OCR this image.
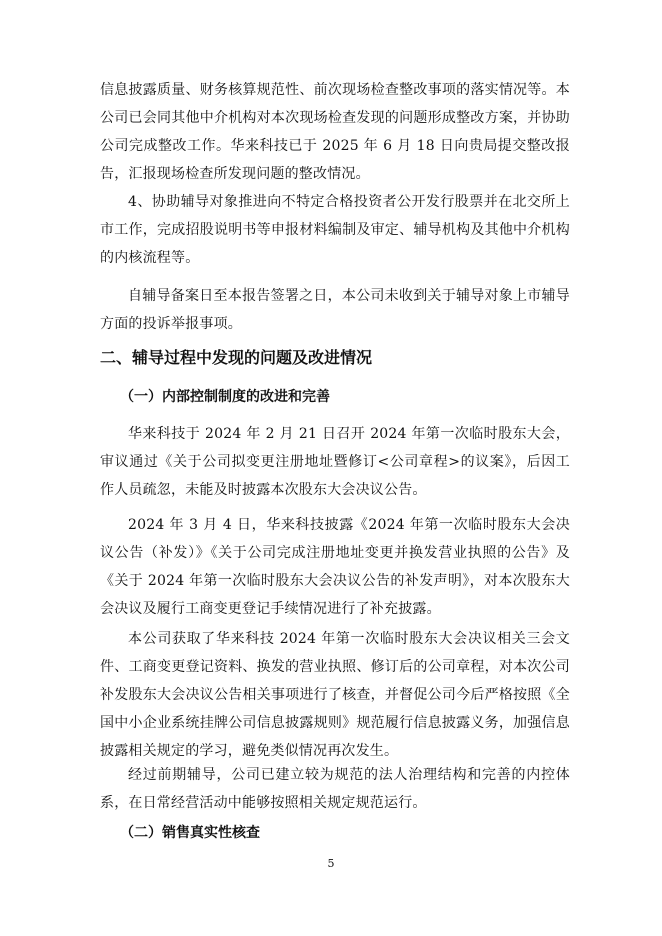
信息披露质量、财务核算规范性、前次现场检查整改事项的落实情况等。本公司已会同其他中介机构对本次现场检查发现的问题形成整改方案，并协助公司完成整改工作。华来科技已于 2025 年 6 月 18 日向贵局提交整改报告，汇报现场检查所发现问题的整改情况。

4、协助辅导对象推进向不特定合格投资者公开发行股票并在北交所上市工作，完成招股说明书等申报材料编制及审定、辅导机构及其他中介机构的内核流程等。

自辅导备案日至本报告签署之日，本公司未收到关于辅导对象上市辅导方面的投诉举报事项。

二、辅导过程中发现的问题及改进情况
（一）内部控制制度的改进和完善

华来科技于 2024 年 2 月 21 日召开 2024 年第一次临时股东大会，审议通过《关于公司拟变更注册地址暨修订<公司章程>的议案》，后因工作人员疏忽，未能及时披露本次股东大会决议公告。

2024 年 3 月 4 日，华来科技披露《2024 年第一次临时股东大会决议公告（补发）》《关于公司完成注册地址变更并换发营业执照的公告》及《关于 2024 年第一次临时股东大会决议公告的补发声明》，对本次股东大会决议及履行工商变更登记手续情况进行了补充披露。

本公司获取了华来科技 2024 年第一次临时股东大会决议相关三会文件、工商变更登记资料、换发的营业执照、修订后的公司章程，对本次公司补发股东大会决议公告相关事项进行了核查，并督促公司今后严格按照《全国中小企业系统挂牌公司信息披露规则》规范履行信息披露义务，加强信息披露相关规定的学习，避免类似情况再次发生。

经过前期辅导，公司已建立较为规范的法人治理结构和完善的内控体系，在日常经营活动中能够按照相关规定规范运行。

（二）销售真实性核查
5
